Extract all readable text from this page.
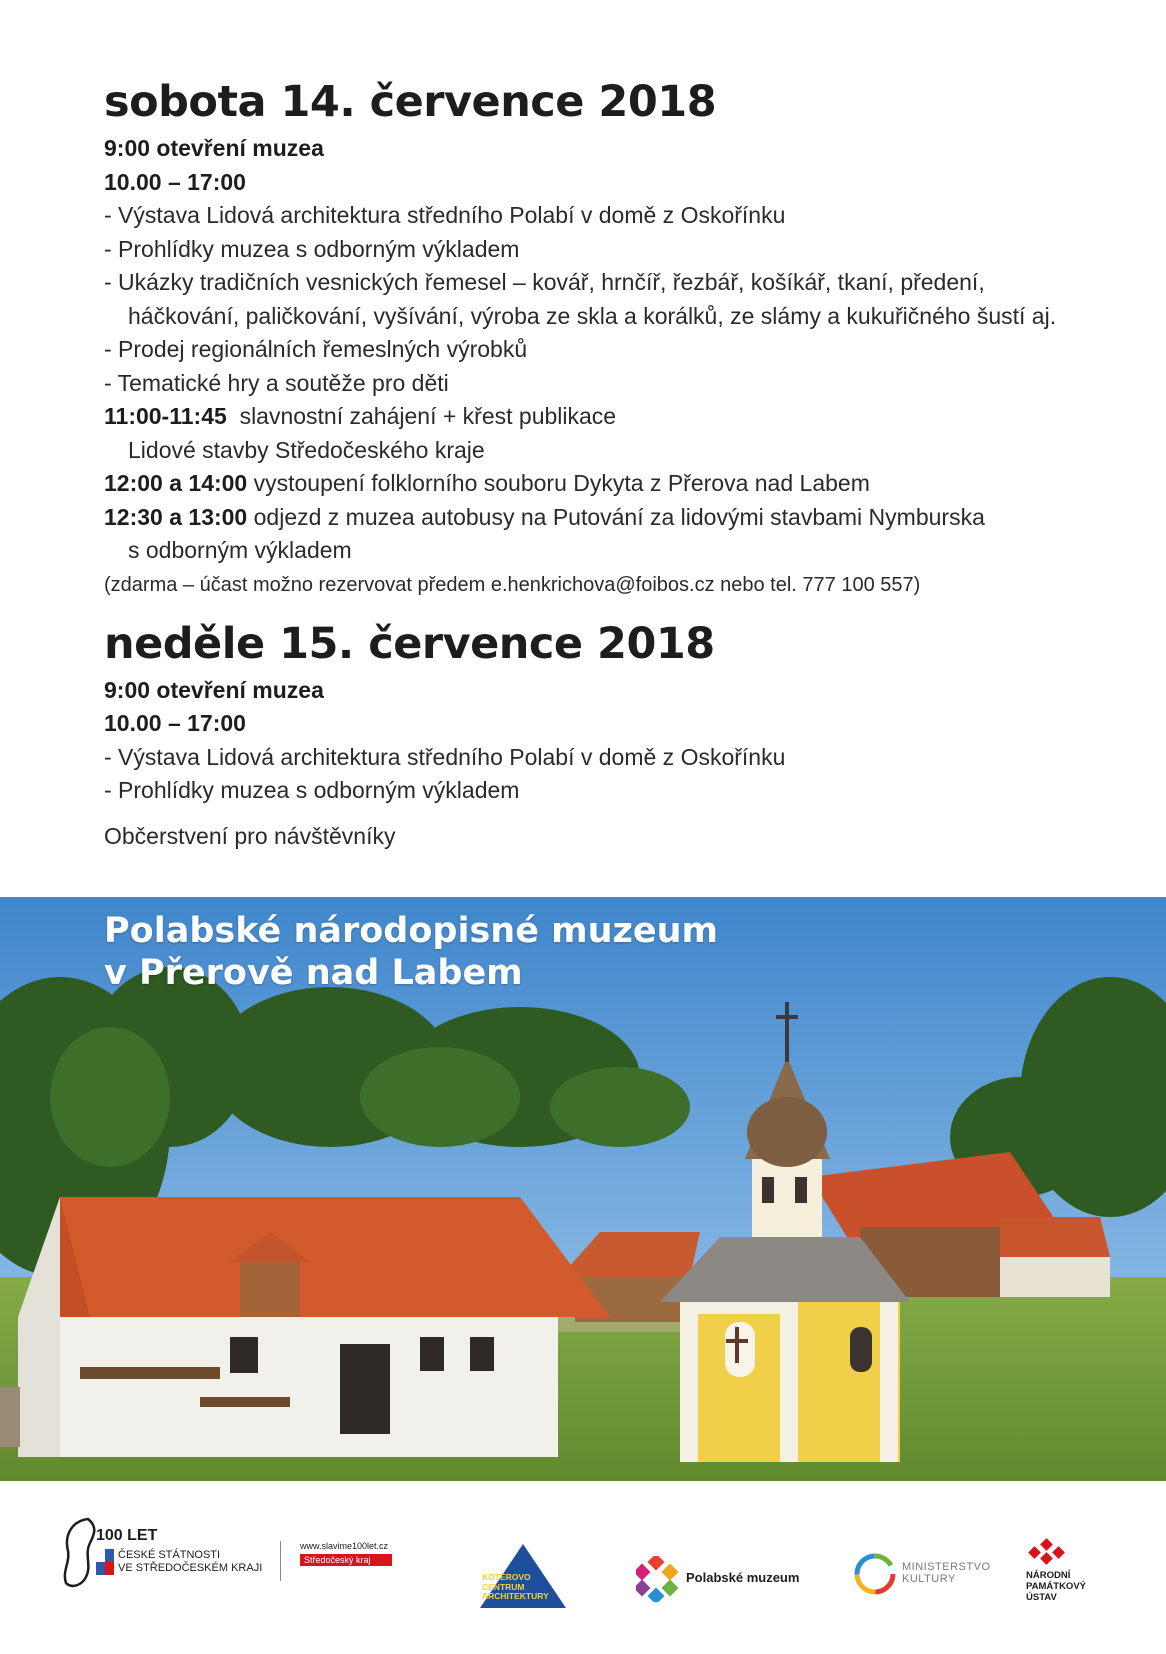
sobota 14. července 2018
9:00 otevření muzea
10.00 – 17:00
- Výstava Lidová architektura středního Polabí v domě z Oskořínku
- Prohlídky muzea s odborným výkladem
- Ukázky tradičních vesnických řemesel – kovář, hrnčíř, řezbář, košíkář, tkaní, předení,
háčkování, paličkování, vyšívání, výroba ze skla a korálků, ze slámy a kukuřičného šustí aj.
- Prodej regionálních řemeslných výrobků
- Tematické hry a soutěže pro děti
11:00-11:45 slavnostní zahájení + křest publikace
Lidové stavby Středočeského kraje
12:00 a 14:00 vystoupení folklorního souboru Dykyta z Přerova nad Labem
12:30 a 13:00 odjezd z muzea autobusy na Putování za lidovými stavbami Nymburska
s odborným výkladem
(zdarma – účast možno rezervovat předem e.henkrichova@foibos.cz nebo tel. 777 100 557)
neděle 15. července 2018
9:00 otevření muzea
10.00 – 17:00
- Výstava Lidová architektura středního Polabí v domě z Oskořínku
- Prohlídky muzea s odborným výkladem
Občerstvení pro návštěvníky
Polabské národopisné muzeum
v Přerově nad Labem
100 LET
ČESKÉ STÁTNOSTI
VE STŘEDOČESKÉM KRAJI
www.slavime100let.cz
Středočeský kraj
KOTĚROVO
CENTRUM
ARCHITEKTURY
Polabské muzeum
MINISTERSTVO
KULTURY	NÁRODNÍ
PAMÁTKOVÝ
ÚSTAV
